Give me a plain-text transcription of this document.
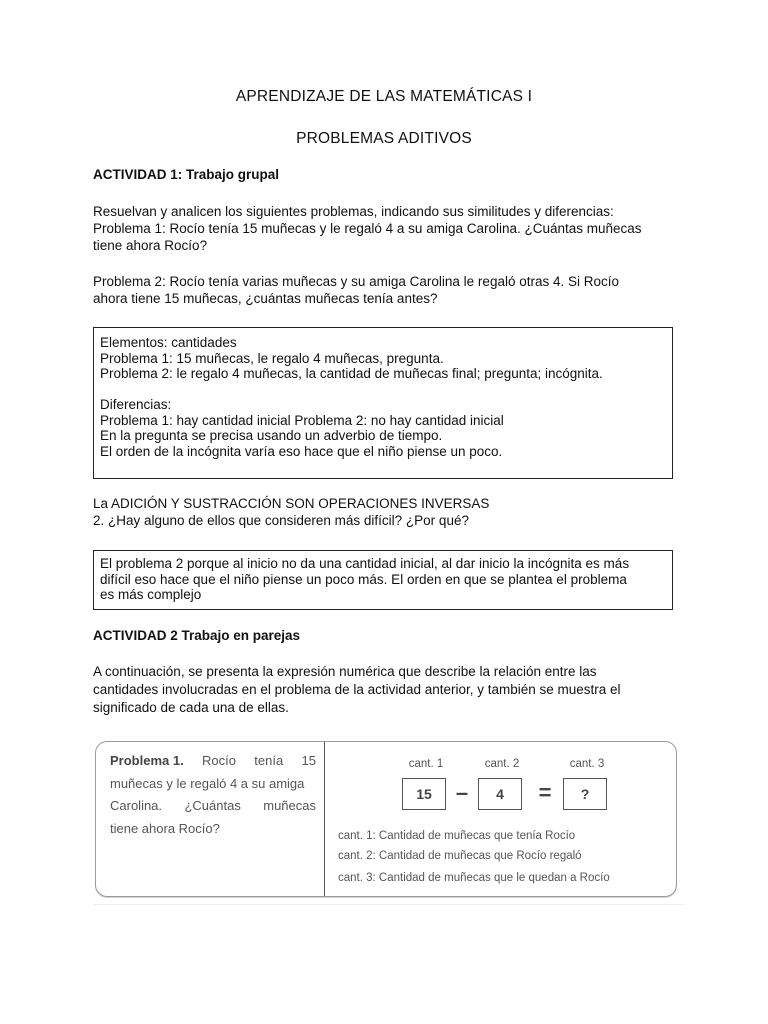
APRENDIZAJE DE LAS MATEMÁTICAS I
PROBLEMAS ADITIVOS
ACTIVIDAD 1: Trabajo grupal
Resuelvan y analicen los siguientes problemas, indicando sus similitudes y diferencias:
Problema 1: Rocío tenía 15 muñecas y le regaló 4 a su amiga Carolina. ¿Cuántas muñecas
tiene ahora Rocío?
Problema 2: Rocío tenía varias muñecas y su amiga Carolina le regaló otras 4. Si Rocío
ahora tiene 15 muñecas, ¿cuántas muñecas tenía antes?
Elementos: cantidades
Problema 1: 15 muñecas, le regalo 4 muñecas, pregunta.
Problema 2: le regalo 4 muñecas, la cantidad de muñecas final; pregunta; incógnita.
Diferencias:
Problema 1: hay cantidad inicial Problema 2: no hay cantidad inicial
En la pregunta se precisa usando un adverbio de tiempo.
El orden de la incógnita varía eso hace que el niño piense un poco.
La ADICIÓN Y SUSTRACCIÓN SON OPERACIONES INVERSAS
2. ¿Hay alguno de ellos que consideren más difícil? ¿Por qué?
El problema 2 porque al inicio no da una cantidad inicial, al dar inicio la incógnita es más
difícil eso hace que el niño piense un poco más. El orden en que se plantea el problema
es más complejo
ACTIVIDAD 2 Trabajo en parejas
A continuación, se presenta la expresión numérica que describe la relación entre las
cantidades involucradas en el problema de la actividad anterior, y también se muestra el
significado de cada una de ellas.
Problema 1. Rocío tenía 15
muñecas y le regaló 4 a su amiga
Carolina. ¿Cuántas muñecas
tiene ahora Rocío?
cant. 1	cant. 2	cant. 3
15	–	4	=	?
cant. 1: Cantidad de muñecas que tenía Rocío
cant. 2: Cantidad de muñecas que Rocío regaló
cant. 3: Cantidad de muñecas que le quedan a Rocío
